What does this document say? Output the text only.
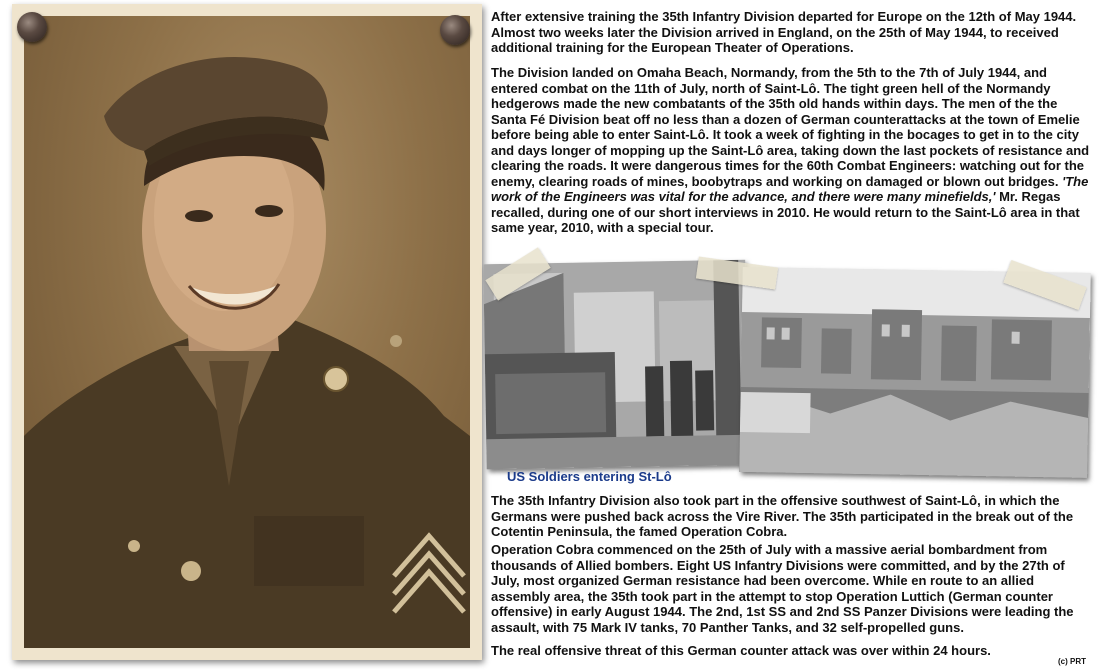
After extensive training the 35th Infantry Division departed for Europe on the 12th of May 1944. Almost two weeks later the Division arrived in England, on the 25th of May 1944, to received additional training for the European Theater of Operations.

The Division landed on Omaha Beach, Normandy, from the 5th to the 7th of July 1944, and entered combat on the 11th of July, north of Saint-Lô. The tight green hell of the Normandy hedgerows made the new combatants of the 35th old hands within days. The men of the the Santa Fé Division beat off no less than a dozen of German counterattacks at the town of Emelie before being able to enter Saint-Lô. It took a week of fighting in the bocages to get in to the city and days longer of mopping up the Saint-Lô area, taking down the last pockets of resistance and clearing the roads. It were dangerous times for the 60th Combat Engineers: watching out for the enemy, clearing roads of mines, boobytraps and working on damaged or blown out bridges. 'The work of the Engineers was vital for the advance, and there were many minefields,' Mr. Regas recalled, during one of our short interviews in 2010. He would return to the Saint-Lô area in that same year, 2010, with a special tour.

US Soldiers entering St-Lô

The 35th Infantry Division also took part in the offensive southwest of Saint-Lô, in which the Germans were pushed back across the Vire River. The 35th participated in the break out of the Cotentin Peninsula, the famed Operation Cobra.

Operation Cobra commenced on the 25th of July with a massive aerial bombardment from thousands of Allied bombers. Eight US Infantry Divisions were committed, and by the 27th of July, most organized German resistance had been overcome. While en route to an allied assembly area, the 35th took part in the attempt to stop Operation Luttich (German counter offensive) in early August 1944. The 2nd, 1st SS and 2nd SS Panzer Divisions were leading the assault, with 75 Mark IV tanks, 70 Panther Tanks, and 32 self-propelled guns.

The real offensive threat of this German counter attack was over within 24 hours.

(c) PRT
